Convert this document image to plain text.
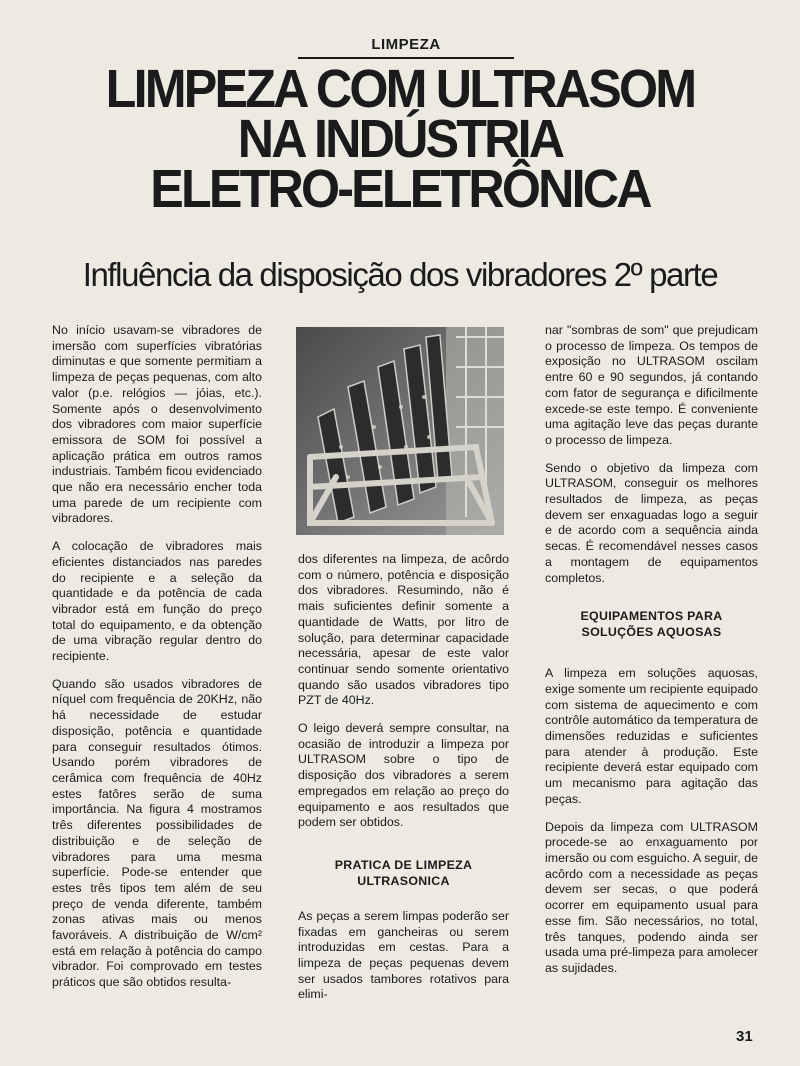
LIMPEZA
LIMPEZA COM ULTRASOM
NA INDÚSTRIA
ELETRO-ELETRÔNICA
Influência da disposição dos vibradores 2º parte

No início usavam-se vibradores de imersão com superfícies vibratórias diminutas e que somente permitiam a limpeza de peças pequenas, com alto valor (p.e. relógios — jóias, etc.). Somente após o desenvolvimento dos vibradores com maior superfície emissora de SOM foi possível a aplicação prática em outros ramos industriais. Também ficou evidenciado que não era necessário encher toda uma parede de um recipiente com vibradores.

A colocação de vibradores mais eficientes distanciados nas paredes do recipiente e a seleção da quantidade e da potência de cada vibrador está em função do preço total do equipamento, e da obtenção de uma vibração regular dentro do recipiente.

Quando são usados vibradores de níquel com frequência de 20KHz, não há necessidade de estudar disposição, potência e quantidade para conseguir resultados ótimos. Usando porém vibradores de cerâmica com frequência de 40Hz estes fatôres serão de suma importância. Na figura 4 mostramos três diferentes possibilidades de distribuição e de seleção de vibradores para uma mesma superfície. Pode-se entender que estes três tipos tem além de seu preço de venda diferente, também zonas ativas mais ou menos favoráveis. A distribuição de W/cm² está em relação à potência do campo vibrador. Foi comprovado em testes práticos que são obtidos resulta-

dos diferentes na limpeza, de acôrdo com o número, potência e disposição dos vibradores. Resumindo, não é mais suficientes definir somente a quantidade de Watts, por litro de solução, para determinar capacidade necessária, apesar de este valor continuar sendo somente orientativo quando são usados vibradores tipo PZT de 40Hz.

O leigo deverá sempre consultar, na ocasião de introduzir a limpeza por ULTRASOM sobre o tipo de disposição dos vibradores a serem empregados em relação ao preço do equipamento e aos resultados que podem ser obtidos.

PRATICA DE LIMPEZA
ULTRASONICA

As peças a serem limpas poderão ser fixadas em gancheiras ou serem introduzidas em cestas. Para a limpeza de peças pequenas devem ser usados tambores rotativos para elimi-

nar "sombras de som" que prejudicam o processo de limpeza. Os tempos de exposição no ULTRASOM oscilam entre 60 e 90 segundos, já contando com fator de segurança e dificilmente excede-se este tempo. É conveniente uma agitação leve das peças durante o processo de limpeza.

Sendo o objetivo da limpeza com ULTRASOM, conseguir os melhores resultados de limpeza, as peças devem ser enxaguadas logo a seguir e de acordo com a sequência ainda secas. É recomendável nesses casos a montagem de equipamentos completos.

EQUIPAMENTOS PARA
SOLUÇÕES AQUOSAS

A limpeza em soluções aquosas, exige somente um recipiente equipado com sistema de aquecimento e com contrôle automático da temperatura de dimensões reduzidas e suficientes para atender à produção. Este recipiente deverá estar equipado com um mecanismo para agitação das peças.

Depois da limpeza com ULTRASOM procede-se ao enxaguamento por imersão ou com esguicho. A seguir, de acôrdo com a necessidade as peças devem ser secas, o que poderá ocorrer em equipamento usual para esse fim. São necessários, no total, três tanques, podendo ainda ser usada uma pré-limpeza para amolecer as sujidades.

31
